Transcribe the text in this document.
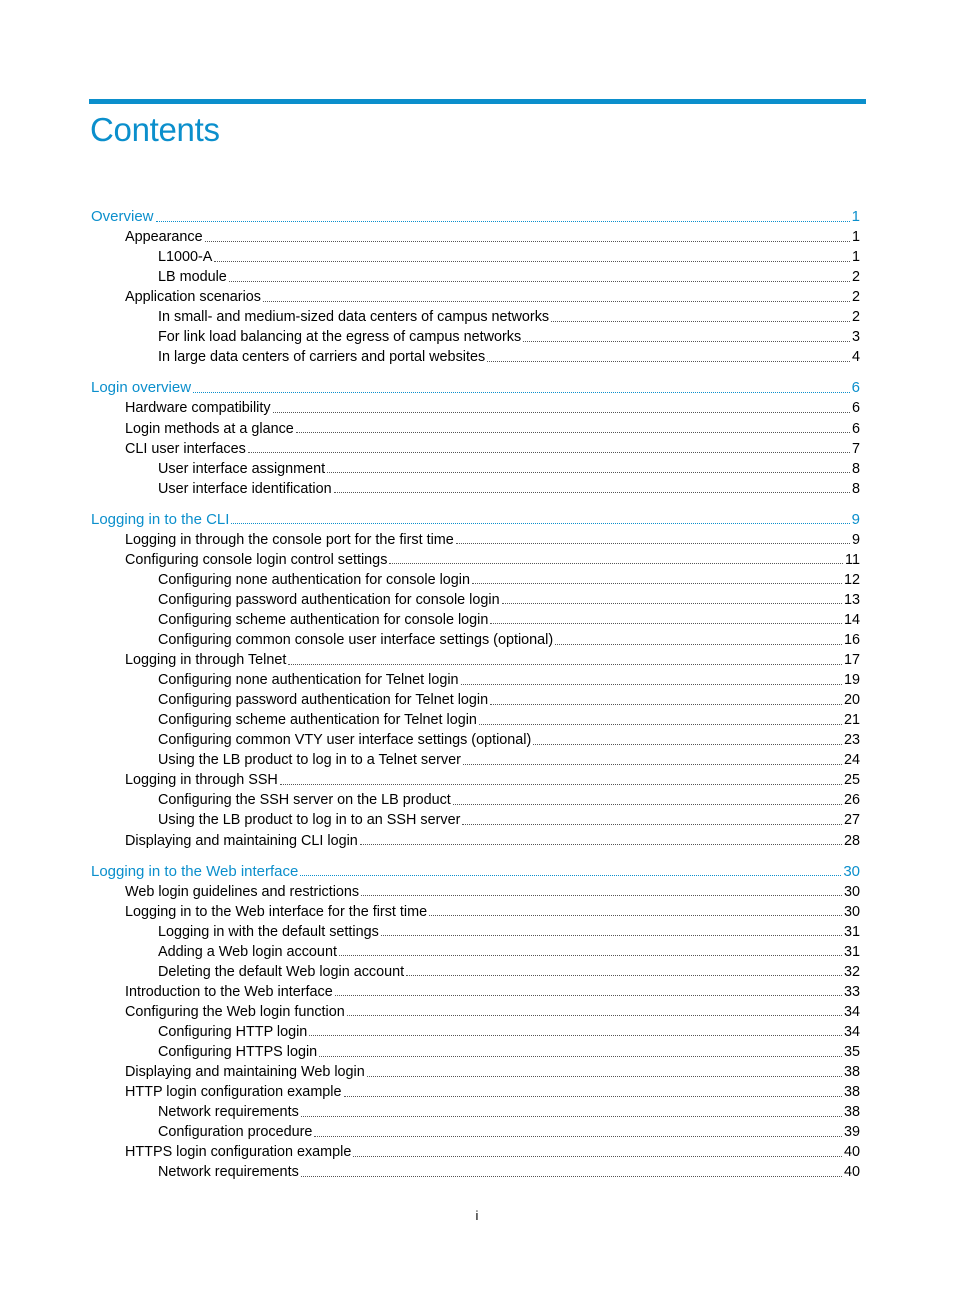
Contents
Overview	1
Appearance	1
L1000-A	1
LB module	2
Application scenarios	2
In small- and medium-sized data centers of campus networks	2
For link load balancing at the egress of campus networks	3
In large data centers of carriers and portal websites	4
Login overview	6
Hardware compatibility	6
Login methods at a glance	6
CLI user interfaces	7
User interface assignment	8
User interface identification	8
Logging in to the CLI	9
Logging in through the console port for the first time	9
Configuring console login control settings	11
Configuring none authentication for console login	12
Configuring password authentication for console login	13
Configuring scheme authentication for console login	14
Configuring common console user interface settings (optional)	16
Logging in through Telnet	17
Configuring none authentication for Telnet login	19
Configuring password authentication for Telnet login	20
Configuring scheme authentication for Telnet login	21
Configuring common VTY user interface settings (optional)	23
Using the LB product to log in to a Telnet server	24
Logging in through SSH	25
Configuring the SSH server on the LB product	26
Using the LB product to log in to an SSH server	27
Displaying and maintaining CLI login	28
Logging in to the Web interface	30
Web login guidelines and restrictions	30
Logging in to the Web interface for the first time	30
Logging in with the default settings	31
Adding a Web login account	31
Deleting the default Web login account	32
Introduction to the Web interface	33
Configuring the Web login function	34
Configuring HTTP login	34
Configuring HTTPS login	35
Displaying and maintaining Web login	38
HTTP login configuration example	38
Network requirements	38
Configuration procedure	39
HTTPS login configuration example	40
Network requirements	40
i
